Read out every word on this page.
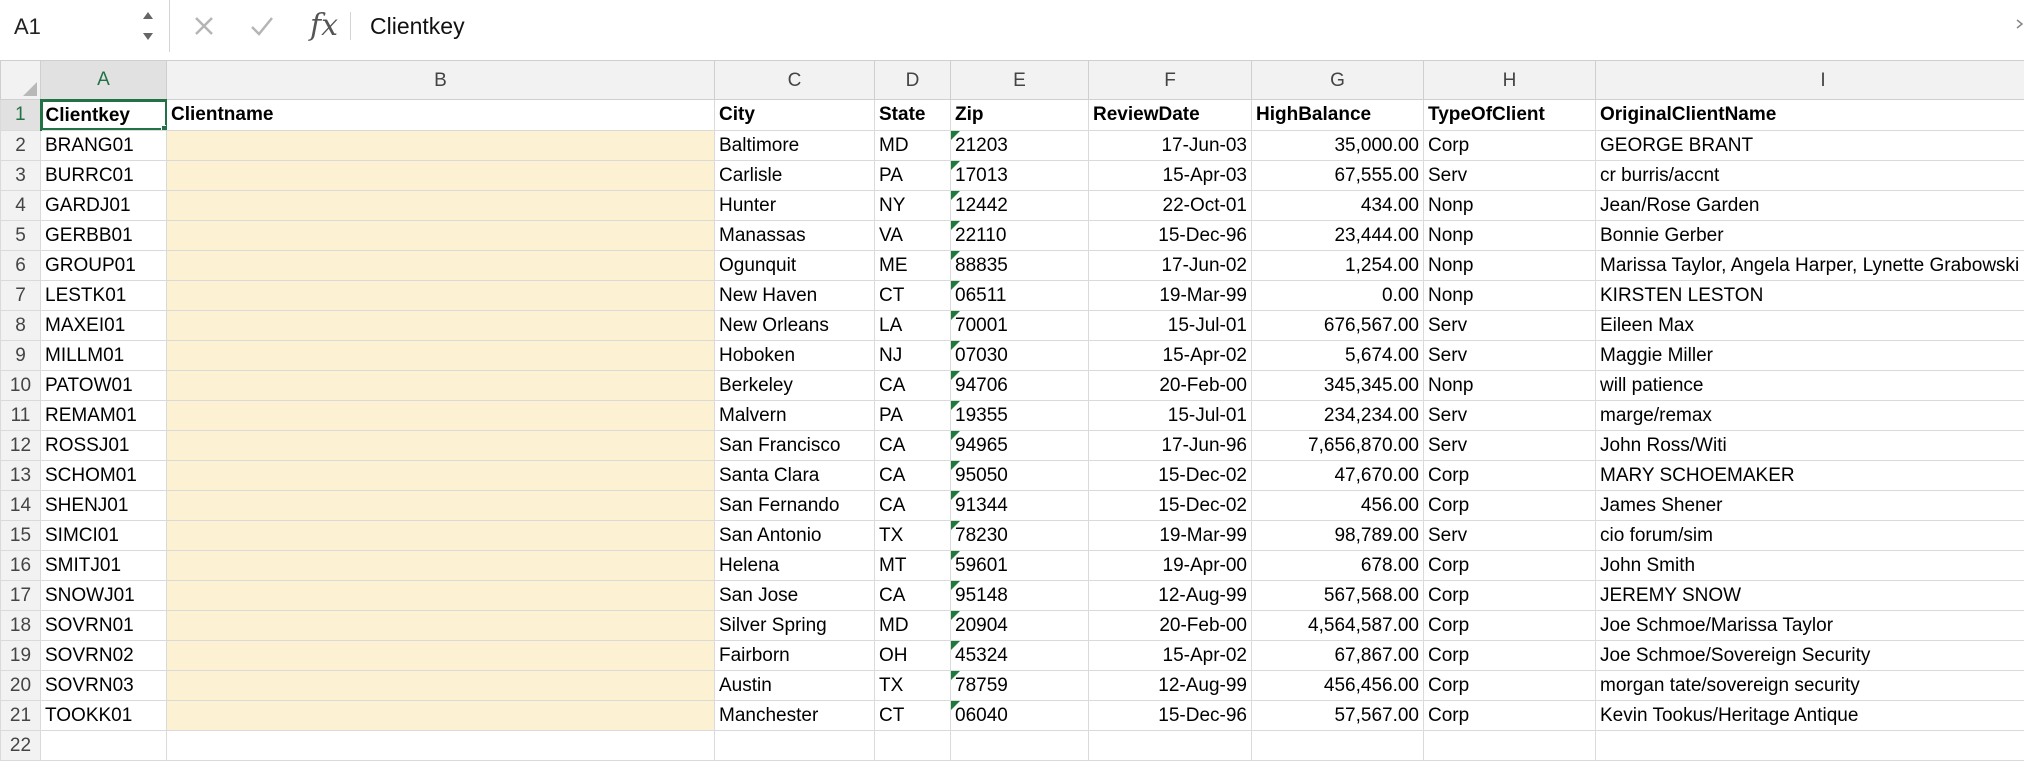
A1	fx Clientkey
	A	B	C	D	E	F	G	H	I
1	Clientkey	Clientname	City	State	Zip	ReviewDate	HighBalance	TypeOfClient	OriginalClientName
2	BRANG01		Baltimore	MD	21203	17-Jun-03	35,000.00	Corp	GEORGE BRANT
3	BURRC01		Carlisle	PA	17013	15-Apr-03	67,555.00	Serv	cr burris/accnt
4	GARDJ01		Hunter	NY	12442	22-Oct-01	434.00	Nonp	Jean/Rose Garden
5	GERBB01		Manassas	VA	22110	15-Dec-96	23,444.00	Nonp	Bonnie Gerber
6	GROUP01		Ogunquit	ME	88835	17-Jun-02	1,254.00	Nonp	Marissa Taylor, Angela Harper, Lynette Grabowski
7	LESTK01		New Haven	CT	06511	19-Mar-99	0.00	Nonp	KIRSTEN LESTON
8	MAXEI01		New Orleans	LA	70001	15-Jul-01	676,567.00	Serv	Eileen Max
9	MILLM01		Hoboken	NJ	07030	15-Apr-02	5,674.00	Serv	Maggie Miller
10	PATOW01		Berkeley	CA	94706	20-Feb-00	345,345.00	Nonp	will patience
11	REMAM01		Malvern	PA	19355	15-Jul-01	234,234.00	Serv	marge/remax
12	ROSSJ01		San Francisco	CA	94965	17-Jun-96	7,656,870.00	Serv	John Ross/Witi
13	SCHOM01		Santa Clara	CA	95050	15-Dec-02	47,670.00	Corp	MARY SCHOEMAKER
14	SHENJ01		San Fernando	CA	91344	15-Dec-02	456.00	Corp	James Shener
15	SIMCI01		San Antonio	TX	78230	19-Mar-99	98,789.00	Serv	cio forum/sim
16	SMITJ01		Helena	MT	59601	19-Apr-00	678.00	Corp	John Smith
17	SNOWJ01		San Jose	CA	95148	12-Aug-99	567,568.00	Corp	JEREMY SNOW
18	SOVRN01		Silver Spring	MD	20904	20-Feb-00	4,564,587.00	Corp	Joe Schmoe/Marissa Taylor
19	SOVRN02		Fairborn	OH	45324	15-Apr-02	67,867.00	Corp	Joe Schmoe/Sovereign Security
20	SOVRN03		Austin	TX	78759	12-Aug-99	456,456.00	Corp	morgan tate/sovereign security
21	TOOKK01		Manchester	CT	06040	15-Dec-96	57,567.00	Corp	Kevin Tookus/Heritage Antique
22									
